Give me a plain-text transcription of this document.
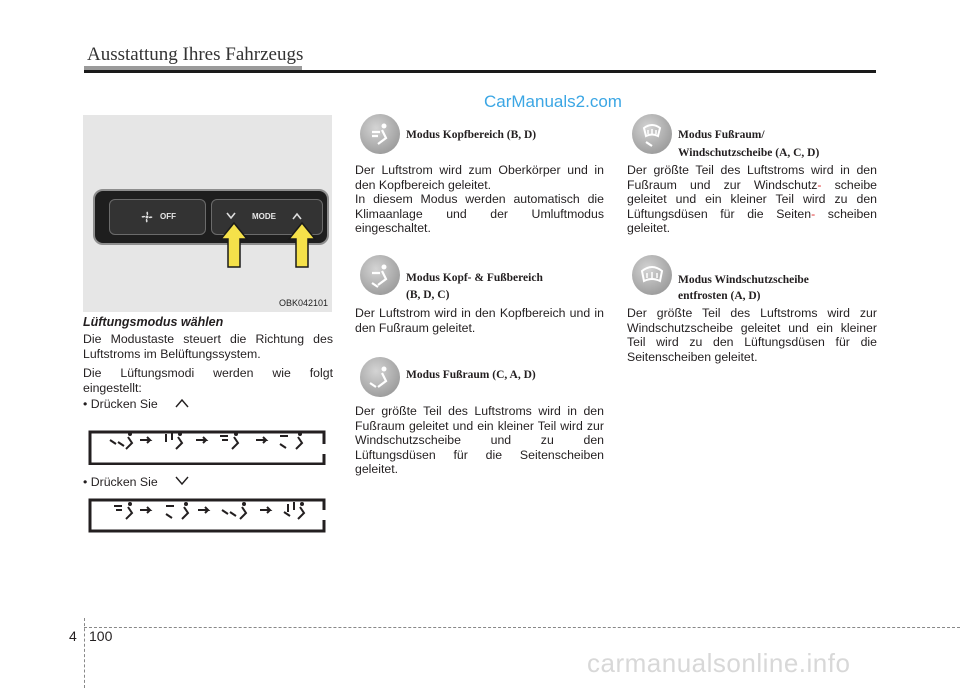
Ausstattung Ihres Fahrzeugs
CarManuals2.com
OFF	MODE
OBK042101
Lüftungsmodus wählen

Die Modustaste steuert die Richtung des Luftstroms im Belüftungssystem.

Die Lüftungsmodi werden wie folgt eingestellt:

• Drücken Sie
• Drücken Sie
Modus Kopfbereich (B, D)

Der Luftstrom wird zum Oberkörper und in den Kopfbereich geleitet.

In diesem Modus werden automatisch die Klimaanlage und der Umluftmodus eingeschaltet.

Modus Kopf- & Fußbereich
(B, D, C)

Der Luftstrom wird in den Kopfbereich und in den Fußraum geleitet.

Modus Fußraum (C, A, D)

Der größte Teil des Luftstroms wird in den Fußraum geleitet und ein kleiner Teil wird zur Windschutzscheibe und zu den Lüftungsdüsen für die Seitenscheiben geleitet.

Modus Fußraum/
Windschutzscheibe (A, C, D)
Der größte Teil des Luftstroms wird in den Fußraum und zur Windschutz- scheibe geleitet und ein kleiner Teil wird zu den Lüftungsdüsen für die Seiten- scheiben geleitet.
Modus Windschutzscheibe
entfrosten (A, D)

Der größte Teil des Luftstroms wird zur Windschutzscheibe geleitet und ein kleiner Teil wird zu den Lüftungsdüsen für die Seitenscheiben geleitet.

4 100
carmanualsonline.info
